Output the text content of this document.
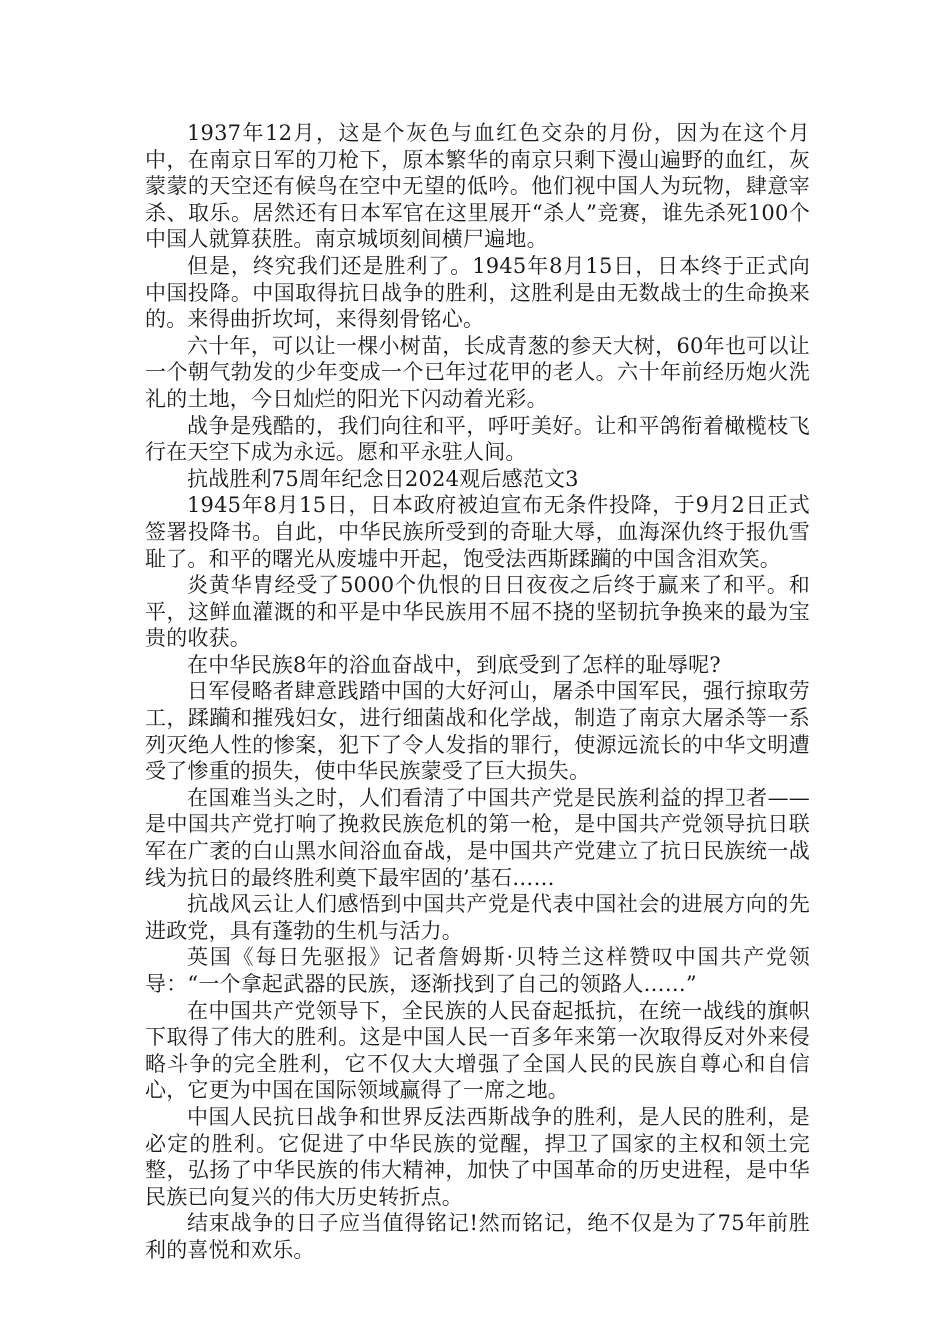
1937年12月，这是个灰色与血红色交杂的月份，因为在这个月中，在南京日军的刀枪下，原本繁华的南京只剩下漫山遍野的血红，灰蒙蒙的天空还有候鸟在空中无望的低吟。他们视中国人为玩物，肆意宰杀、取乐。居然还有日本军官在这里展开“杀人”竞赛，谁先杀死100个中国人就算获胜。南京城顷刻间横尸遍地。

但是，终究我们还是胜利了。1945年8月15日，日本终于正式向中国投降。中国取得抗日战争的胜利，这胜利是由无数战士的生命换来的。来得曲折坎坷，来得刻骨铭心。

六十年，可以让一棵小树苗，长成青葱的参天大树，60年也可以让一个朝气勃发的少年变成一个已年过花甲的老人。六十年前经历炮火洗礼的土地，今日灿烂的阳光下闪动着光彩。

战争是残酷的，我们向往和平，呼吁美好。让和平鸽衔着橄榄枝飞行在天空下成为永远。愿和平永驻人间。

抗战胜利75周年纪念日2024观后感范文3

1945年8月15日，日本政府被迫宣布无条件投降，于9月2日正式签署投降书。自此，中华民族所受到的奇耻大辱，血海深仇终于报仇雪耻了。和平的曙光从废墟中开起，饱受法西斯蹂躏的中国含泪欢笑。

炎黄华胄经受了5000个仇恨的日日夜夜之后终于赢来了和平。和平，这鲜血灌溉的和平是中华民族用不屈不挠的坚韧抗争换来的最为宝贵的收获。

在中华民族8年的浴血奋战中，到底受到了怎样的耻辱呢?

日军侵略者肆意践踏中国的大好河山，屠杀中国军民，强行掠取劳工，蹂躏和摧残妇女，进行细菌战和化学战，制造了南京大屠杀等一系列灭绝人性的惨案，犯下了令人发指的罪行，使源远流长的中华文明遭受了惨重的损失，使中华民族蒙受了巨大损失。

在国难当头之时，人们看清了中国共产党是民族利益的捍卫者——是中国共产党打响了挽救民族危机的第一枪，是中国共产党领导抗日联军在广袤的白山黑水间浴血奋战，是中国共产党建立了抗日民族统一战线为抗日的最终胜利奠下最牢固的’基石……

抗战风云让人们感悟到中国共产党是代表中国社会的进展方向的先进政党，具有蓬勃的生机与活力。

英国《每日先驱报》记者詹姆斯·贝特兰这样赞叹中国共产党领导：“一个拿起武器的民族，逐渐找到了自己的领路人……”

在中国共产党领导下，全民族的人民奋起抵抗，在统一战线的旗帜下取得了伟大的胜利。这是中国人民一百多年来第一次取得反对外来侵略斗争的完全胜利，它不仅大大增强了全国人民的民族自尊心和自信心，它更为中国在国际领域赢得了一席之地。

中国人民抗日战争和世界反法西斯战争的胜利，是人民的胜利，是必定的胜利。它促进了中华民族的觉醒，捍卫了国家的主权和领土完整，弘扬了中华民族的伟大精神，加快了中国革命的历史进程，是中华民族已向复兴的伟大历史转折点。

结束战争的日子应当值得铭记!然而铭记，绝不仅是为了75年前胜利的喜悦和欢乐。
